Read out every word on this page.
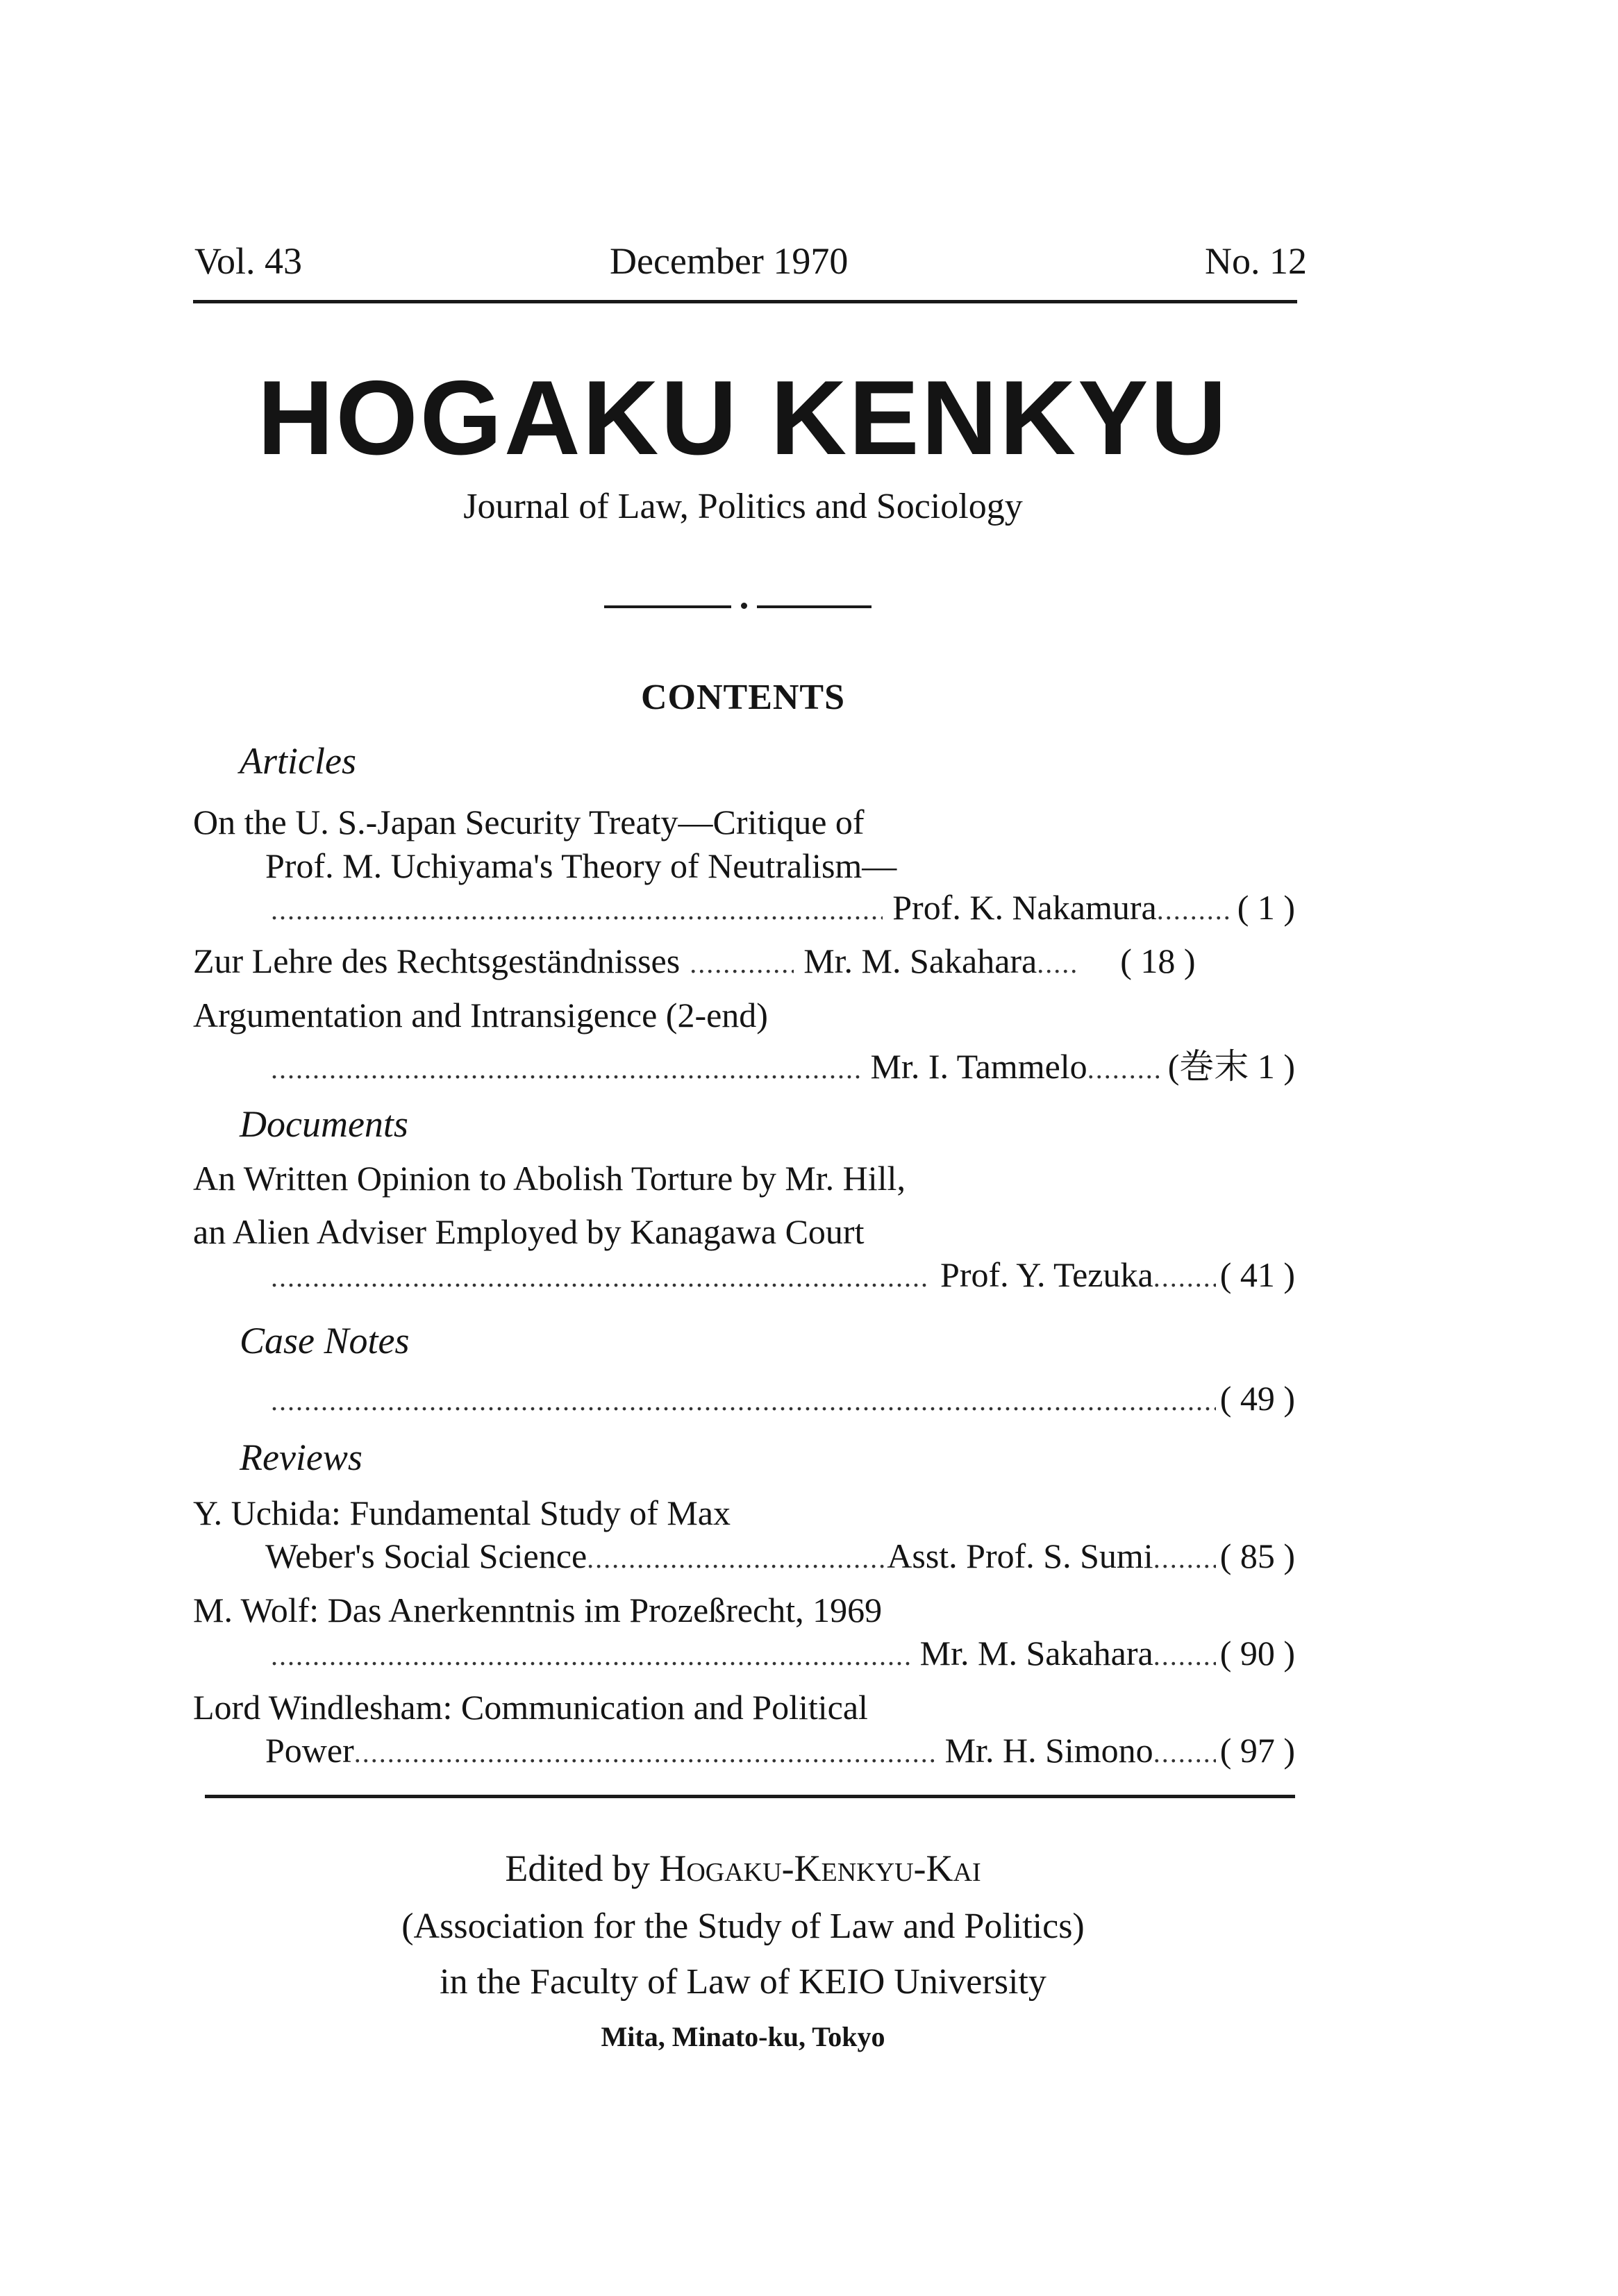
Vol. 43	December 1970	No. 12
HOGAKU KENKYU
Journal of Law, Politics and Sociology
CONTENTS
Articles
On the U. S.-Japan Security Treaty—Critique of
Prof. M. Uchiyama's Theory of Neutralism—
.....
Prof. K. Nakamura ..... ( 1 )
Zur Lehre des Rechtsgeständnisses .....	Mr. M. Sakahara .....	( 18 )
Argumentation and Intransigence (2-end)
.....
Mr. I. Tammelo ..... (巻末 1 )
Documents
An Written Opinion to Abolish Torture by Mr. Hill,
an Alien Adviser Employed by Kanagawa Court
.....
Prof. Y. Tezuka ..... ( 41 )
Case Notes
.....
( 49 )
Reviews
Y. Uchida: Fundamental Study of Max
Weber's Social Science .....	Asst. Prof. S. Sumi ..... ( 85 )
M. Wolf: Das Anerkenntnis im Prozeßrecht, 1969
.....
Mr. M. Sakahara ..... ( 90 )
Lord Windlesham: Communication and Political
Power .....	Mr. H. Simono ..... ( 97 )
Edited by Hogaku-Kenkyu-Kai
(Association for the Study of Law and Politics)
in the Faculty of Law of KEIO University
Mita, Minato-ku, Tokyo
